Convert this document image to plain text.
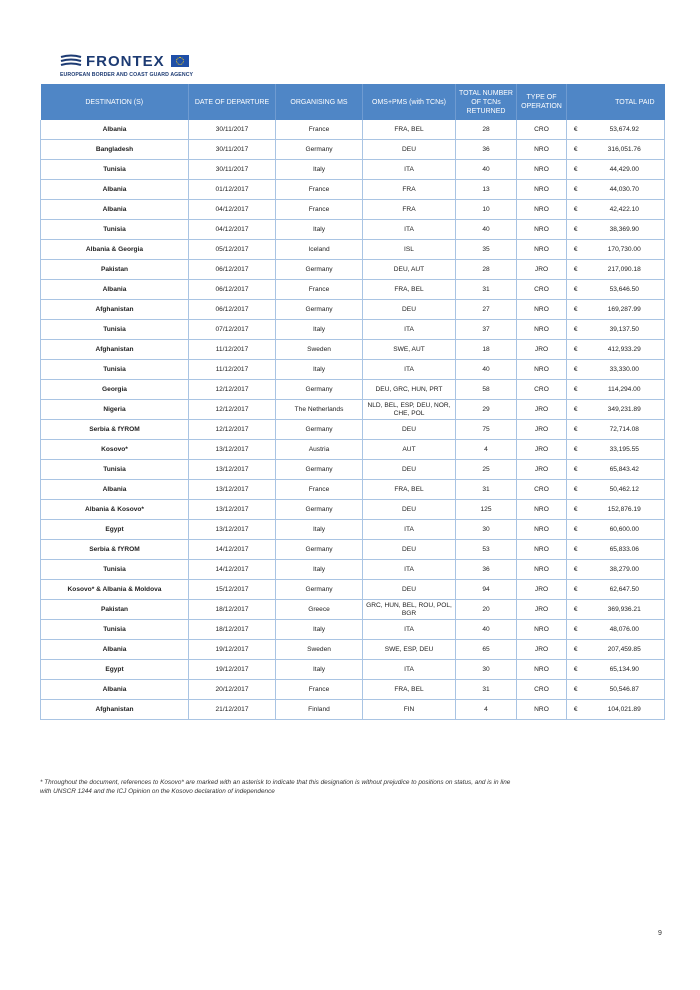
FRONTEX
EUROPEAN BORDER AND COAST GUARD AGENCY
DESTINATION (S)	DATE OF DEPARTURE	ORGANISING MS	OMS+PMS (with TCNs)	TOTAL NUMBER OF TCNs RETURNED	TYPE OF OPERATION	TOTAL PAID	
Albania	30/11/2017	France	FRA, BEL	28	CRO	€	53,674.92
Bangladesh	30/11/2017	Germany	DEU	36	NRO	€	316,051.76
Tunisia	30/11/2017	Italy	ITA	40	NRO	€	44,429.00
Albania	01/12/2017	France	FRA	13	NRO	€	44,030.70
Albania	04/12/2017	France	FRA	10	NRO	€	42,422.10
Tunisia	04/12/2017	Italy	ITA	40	NRO	€	38,369.90
Albania & Georgia	05/12/2017	Iceland	ISL	35	NRO	€	170,730.00
Pakistan	06/12/2017	Germany	DEU, AUT	28	JRO	€	217,090.18
Albania	06/12/2017	France	FRA, BEL	31	CRO	€	53,646.50
Afghanistan	06/12/2017	Germany	DEU	27	NRO	€	169,287.99
Tunisia	07/12/2017	Italy	ITA	37	NRO	€	39,137.50
Afghanistan	11/12/2017	Sweden	SWE, AUT	18	JRO	€	412,933.29
Tunisia	11/12/2017	Italy	ITA	40	NRO	€	33,330.00
Georgia	12/12/2017	Germany	DEU, GRC, HUN, PRT	58	CRO	€	114,294.00
Nigeria	12/12/2017	The Netherlands	NLD, BEL, ESP, DEU, NOR, CHE, POL	29	JRO	€	349,231.89
Serbia & fYROM	12/12/2017	Germany	DEU	75	JRO	€	72,714.08
Kosovo*	13/12/2017	Austria	AUT	4	JRO	€	33,195.55
Tunisia	13/12/2017	Germany	DEU	25	JRO	€	65,843.42
Albania	13/12/2017	France	FRA, BEL	31	CRO	€	50,462.12
Albania & Kosovo*	13/12/2017	Germany	DEU	125	NRO	€	152,876.19
Egypt	13/12/2017	Italy	ITA	30	NRO	€	60,600.00
Serbia & fYROM	14/12/2017	Germany	DEU	53	NRO	€	65,833.06
Tunisia	14/12/2017	Italy	ITA	36	NRO	€	38,279.00
Kosovo* & Albania & Moldova	15/12/2017	Germany	DEU	94	JRO	€	62,647.50
Pakistan	18/12/2017	Greece	GRC, HUN, BEL, ROU, POL, BGR	20	JRO	€	369,936.21
Tunisia	18/12/2017	Italy	ITA	40	NRO	€	48,076.00
Albania	19/12/2017	Sweden	SWE, ESP, DEU	65	JRO	€	207,459.85
Egypt	19/12/2017	Italy	ITA	30	NRO	€	65,134.90
Albania	20/12/2017	France	FRA, BEL	31	CRO	€	50,546.87
Afghanistan	21/12/2017	Finland	FIN	4	NRO	€	104,021.89
* Throughout the document, references to Kosovo* are marked with an asterisk to indicate that this designation is without prejudice to positions on status, and is in line with UNSCR 1244 and the ICJ Opinion on the Kosovo declaration of independence
9
